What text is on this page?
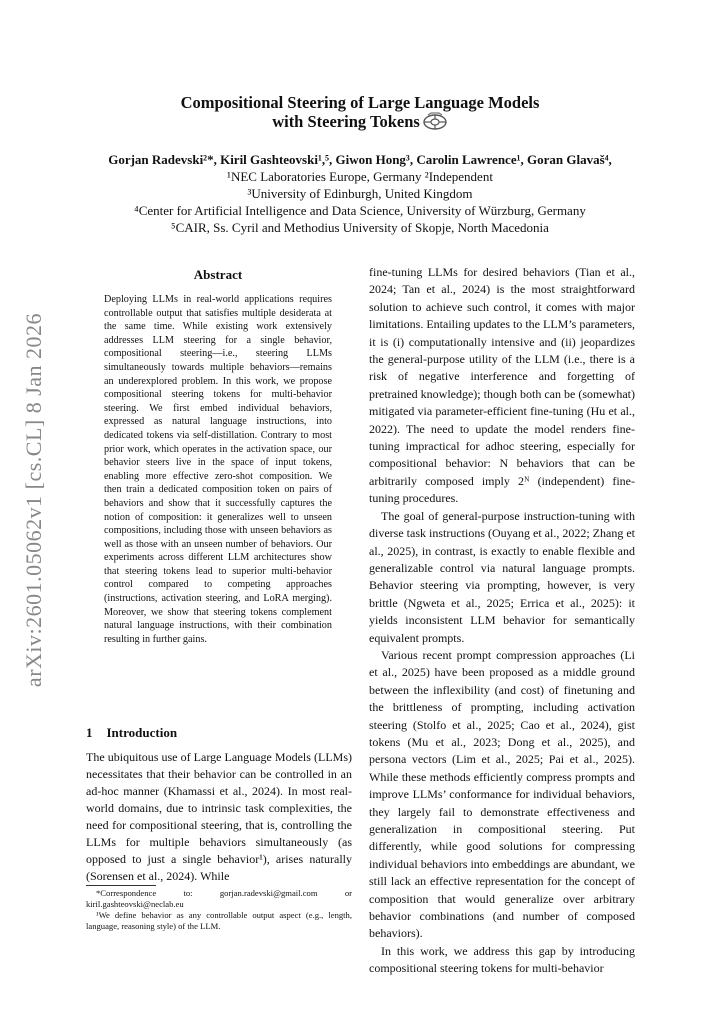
arXiv:2601.05062v1 [cs.CL] 8 Jan 2026
Compositional Steering of Large Language Models
with Steering Tokens
Gorjan Radevski²*, Kiril Gashteovski¹,⁵, Giwon Hong³, Carolin Lawrence¹, Goran Glavaš⁴,
¹NEC Laboratories Europe, Germany ²Independent
³University of Edinburgh, United Kingdom
⁴Center for Artificial Intelligence and Data Science, University of Würzburg, Germany
⁵CAIR, Ss. Cyril and Methodius University of Skopje, North Macedonia
Abstract
Deploying LLMs in real-world applications requires controllable output that satisfies multiple desiderata at the same time. While existing work extensively addresses LLM steering for a single behavior, compositional steering—i.e., steering LLMs simultaneously towards multiple behaviors—remains an underexplored problem. In this work, we propose compositional steering tokens for multi-behavior steering. We first embed individual behaviors, expressed as natural language instructions, into dedicated tokens via self-distillation. Contrary to most prior work, which operates in the activation space, our behavior steers live in the space of input tokens, enabling more effective zero-shot composition. We then train a dedicated composition token on pairs of behaviors and show that it successfully captures the notion of composition: it generalizes well to unseen compositions, including those with unseen behaviors as well as those with an unseen number of behaviors. Our experiments across different LLM architectures show that steering tokens lead to superior multi-behavior control compared to competing approaches (instructions, activation steering, and LoRA merging). Moreover, we show that steering tokens complement natural language instructions, with their combination resulting in further gains.
1 Introduction
The ubiquitous use of Large Language Models (LLMs) necessitates that their behavior can be controlled in an ad-hoc manner (Khamassi et al., 2024). In most real-world domains, due to intrinsic task complexities, the need for compositional steering, that is, controlling the LLMs for multiple behaviors simultaneously (as opposed to just a single behavior¹), arises naturally (Sorensen et al., 2024). While

*Correspondence to: gorjan.radevski@gmail.com or kiril.gashteovski@neclab.eu

¹We define behavior as any controllable output aspect (e.g., length, language, reasoning style) of the LLM.

fine-tuning LLMs for desired behaviors (Tian et al., 2024; Tan et al., 2024) is the most straightforward solution to achieve such control, it comes with major limitations. Entailing updates to the LLM’s parameters, it is (i) computationally intensive and (ii) jeopardizes the general-purpose utility of the LLM (i.e., there is a risk of negative interference and forgetting of pretrained knowledge); though both can be (somewhat) mitigated via parameter-efficient fine-tuning (Hu et al., 2022). The need to update the model renders fine-tuning impractical for adhoc steering, especially for compositional behavior: N behaviors that can be arbitrarily composed imply 2ᴺ (independent) fine-tuning procedures.

The goal of general-purpose instruction-tuning with diverse task instructions (Ouyang et al., 2022; Zhang et al., 2025), in contrast, is exactly to enable flexible and generalizable control via natural language prompts. Behavior steering via prompting, however, is very brittle (Ngweta et al., 2025; Errica et al., 2025): it yields inconsistent LLM behavior for semantically equivalent prompts.

Various recent prompt compression approaches (Li et al., 2025) have been proposed as a middle ground between the inflexibility (and cost) of finetuning and the brittleness of prompting, including activation steering (Stolfo et al., 2025; Cao et al., 2024), gist tokens (Mu et al., 2023; Dong et al., 2025), and persona vectors (Lim et al., 2025; Pai et al., 2025). While these methods efficiently compress prompts and improve LLMs’ conformance for individual behaviors, they largely fail to demonstrate effectiveness and generalization in compositional steering. Put differently, while good solutions for compressing individual behaviors into embeddings are abundant, we still lack an effective representation for the concept of composition that would generalize over arbitrary behavior combinations (and number of composed behaviors).

In this work, we address this gap by introducing compositional steering tokens for multi-behavior
